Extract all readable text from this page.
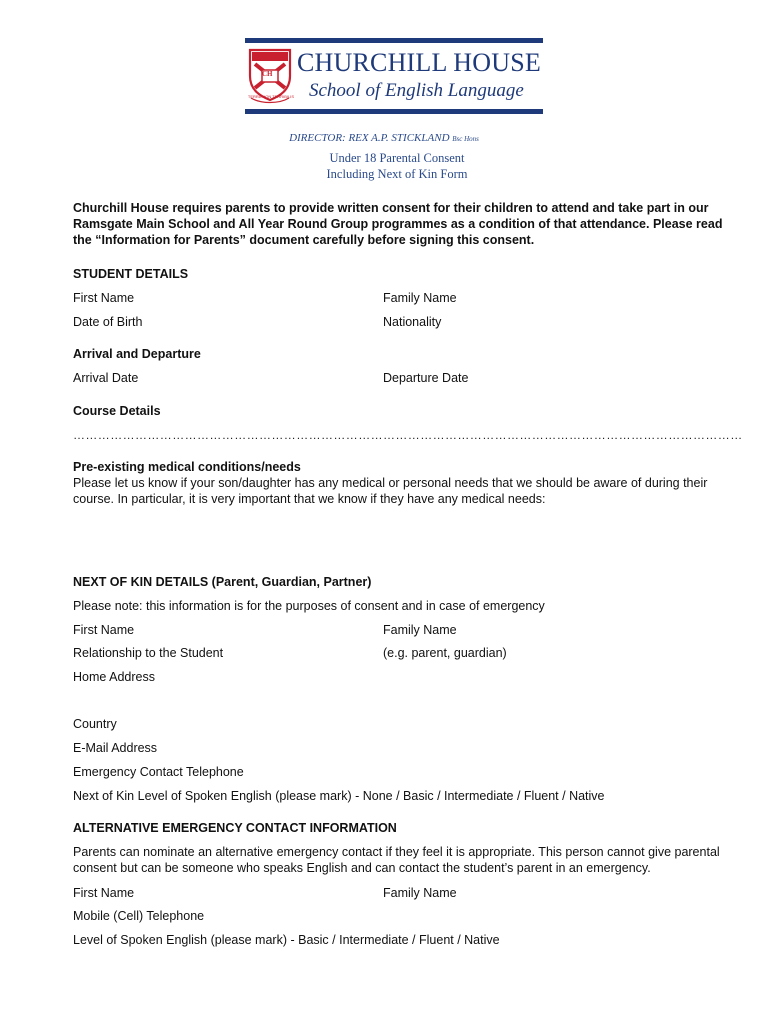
CH
TERRA NON TERRIBILIS
CHURCHILL HOUSE
School of English Language
DIRECTOR: REX A.P. STICKLAND Bsc Hons
Under 18 Parental Consent
Including Next of Kin Form
Churchill House requires parents to provide written consent for their children to attend and take part in our Ramsgate Main School and All Year Round Group programmes as a condition of that attendance. Please read the “Information for Parents” document carefully before signing this consent.
STUDENT DETAILS
First Name	Family Name
Date of Birth	Nationality
Arrival and Departure
Arrival Date	Departure Date
Course Details
………………………………………………………………………………………………………………………………………………
Pre-existing medical conditions/needs
Please let us know if your son/daughter has any medical or personal needs that we should be aware of during their course. In particular, it is very important that we know if they have any medical needs:
NEXT OF KIN DETAILS (Parent, Guardian, Partner)
Please note: this information is for the purposes of consent and in case of emergency
First Name	Family Name
Relationship to the Student	(e.g. parent, guardian)
Home Address
Country
E-Mail Address
Emergency Contact Telephone
Next of Kin Level of Spoken English (please mark) - None / Basic / Intermediate / Fluent / Native
ALTERNATIVE EMERGENCY CONTACT INFORMATION
Parents can nominate an alternative emergency contact if they feel it is appropriate. This person cannot give parental consent but can be someone who speaks English and can contact the student’s parent in an emergency.
First Name	Family Name
Mobile (Cell) Telephone
Level of Spoken English (please mark) - Basic / Intermediate / Fluent / Native
